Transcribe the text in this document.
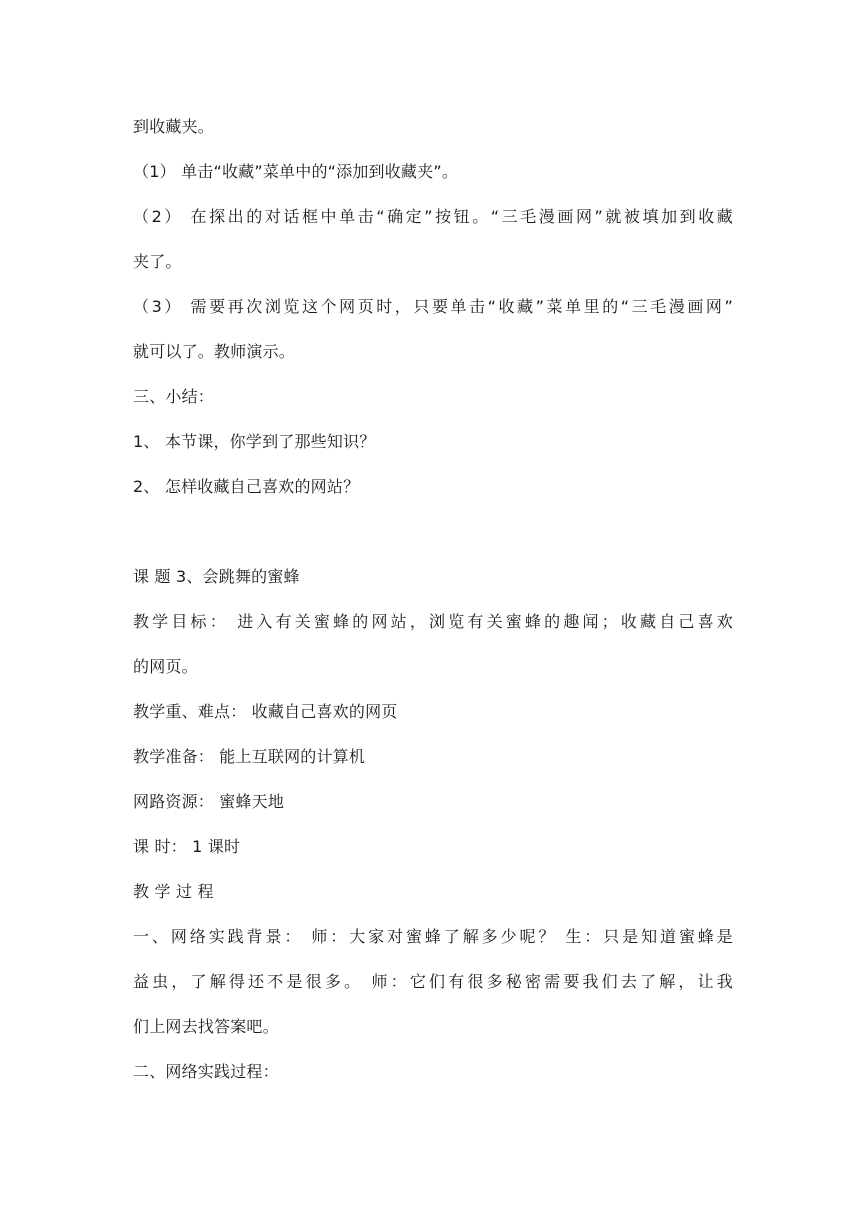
到收藏夹。
（1） 单击“收藏”菜单中的“添加到收藏夹”。
（2） 在探出的对话框中单击“确定”按钮。“三毛漫画网”就被填加到收藏
夹了。
（3） 需要再次浏览这个网页时，只要单击“收藏”菜单里的“三毛漫画网”
就可以了。教师演示。
三、小结：
1、 本节课，你学到了那些知识？
2、 怎样收藏自己喜欢的网站？
课 题 3、会跳舞的蜜蜂
教学目标： 进入有关蜜蜂的网站，浏览有关蜜蜂的趣闻；收藏自己喜欢
的网页。
教学重、难点： 收藏自己喜欢的网页
教学准备： 能上互联网的计算机
网路资源： 蜜蜂天地
课 时： 1 课时
教 学 过 程
一、网络实践背景： 师：大家对蜜蜂了解多少呢？ 生：只是知道蜜蜂是
益虫，了解得还不是很多。 师：它们有很多秘密需要我们去了解，让我
们上网去找答案吧。
二、网络实践过程：
